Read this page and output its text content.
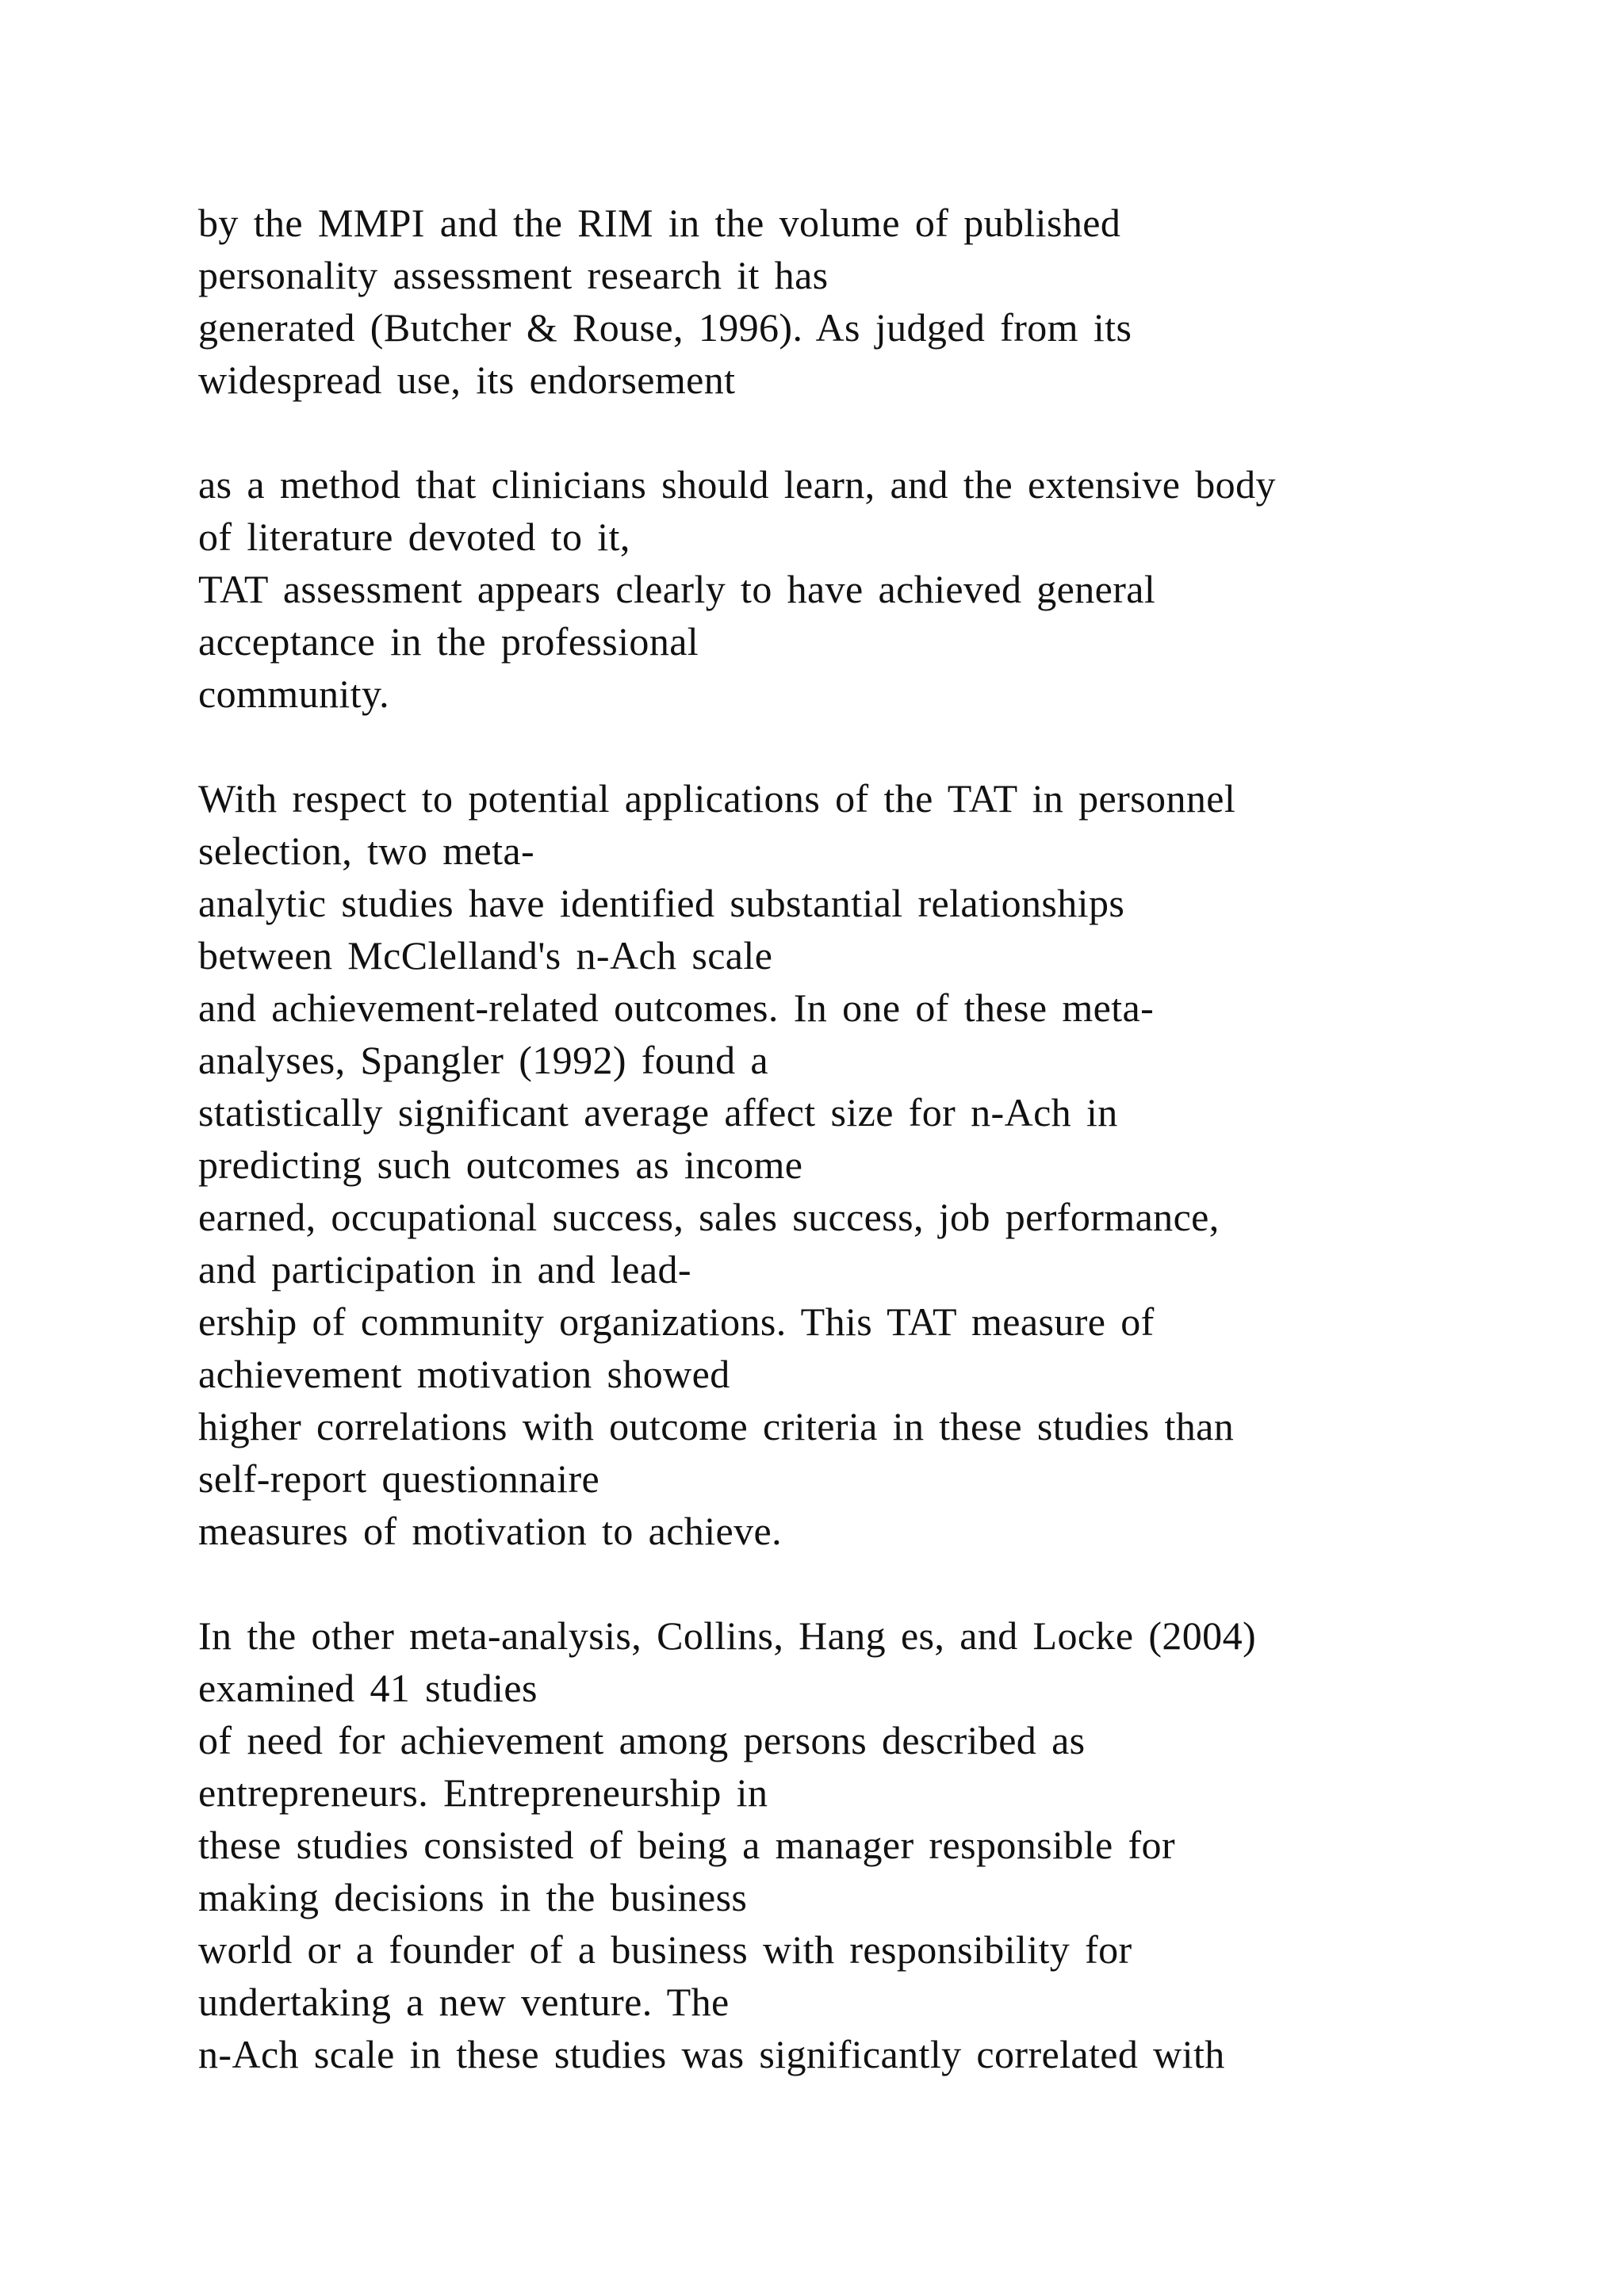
by the MMPI and the RIM in the volume of published
personality assessment research it has
generated (Butcher & Rouse, 1996). As judged from its
widespread use, its endorsement
as a method that clinicians should learn, and the extensive body
of literature devoted to it,
TAT assessment appears clearly to have achieved general
acceptance in the professional
community.
With respect to potential applications of the TAT in personnel
selection, two meta-
analytic studies have identified substantial relationships
between McClelland's n-Ach scale
and achievement-related outcomes. In one of these meta-
analyses, Spangler (1992) found a
statistically significant average affect size for n-Ach in
predicting such outcomes as income
earned, occupational success, sales success, job performance,
and participation in and lead-
ership of community organizations. This TAT measure of
achievement motivation showed
higher correlations with outcome criteria in these studies than
self-report questionnaire
measures of motivation to achieve.
In the other meta-analysis, Collins, Hang es, and Locke (2004)
examined 41 studies
of need for achievement among persons described as
entrepreneurs. Entrepreneurship in
these studies consisted of being a manager responsible for
making decisions in the business
world or a founder of a business with responsibility for
undertaking a new venture. The
n-Ach scale in these studies was significantly correlated with
